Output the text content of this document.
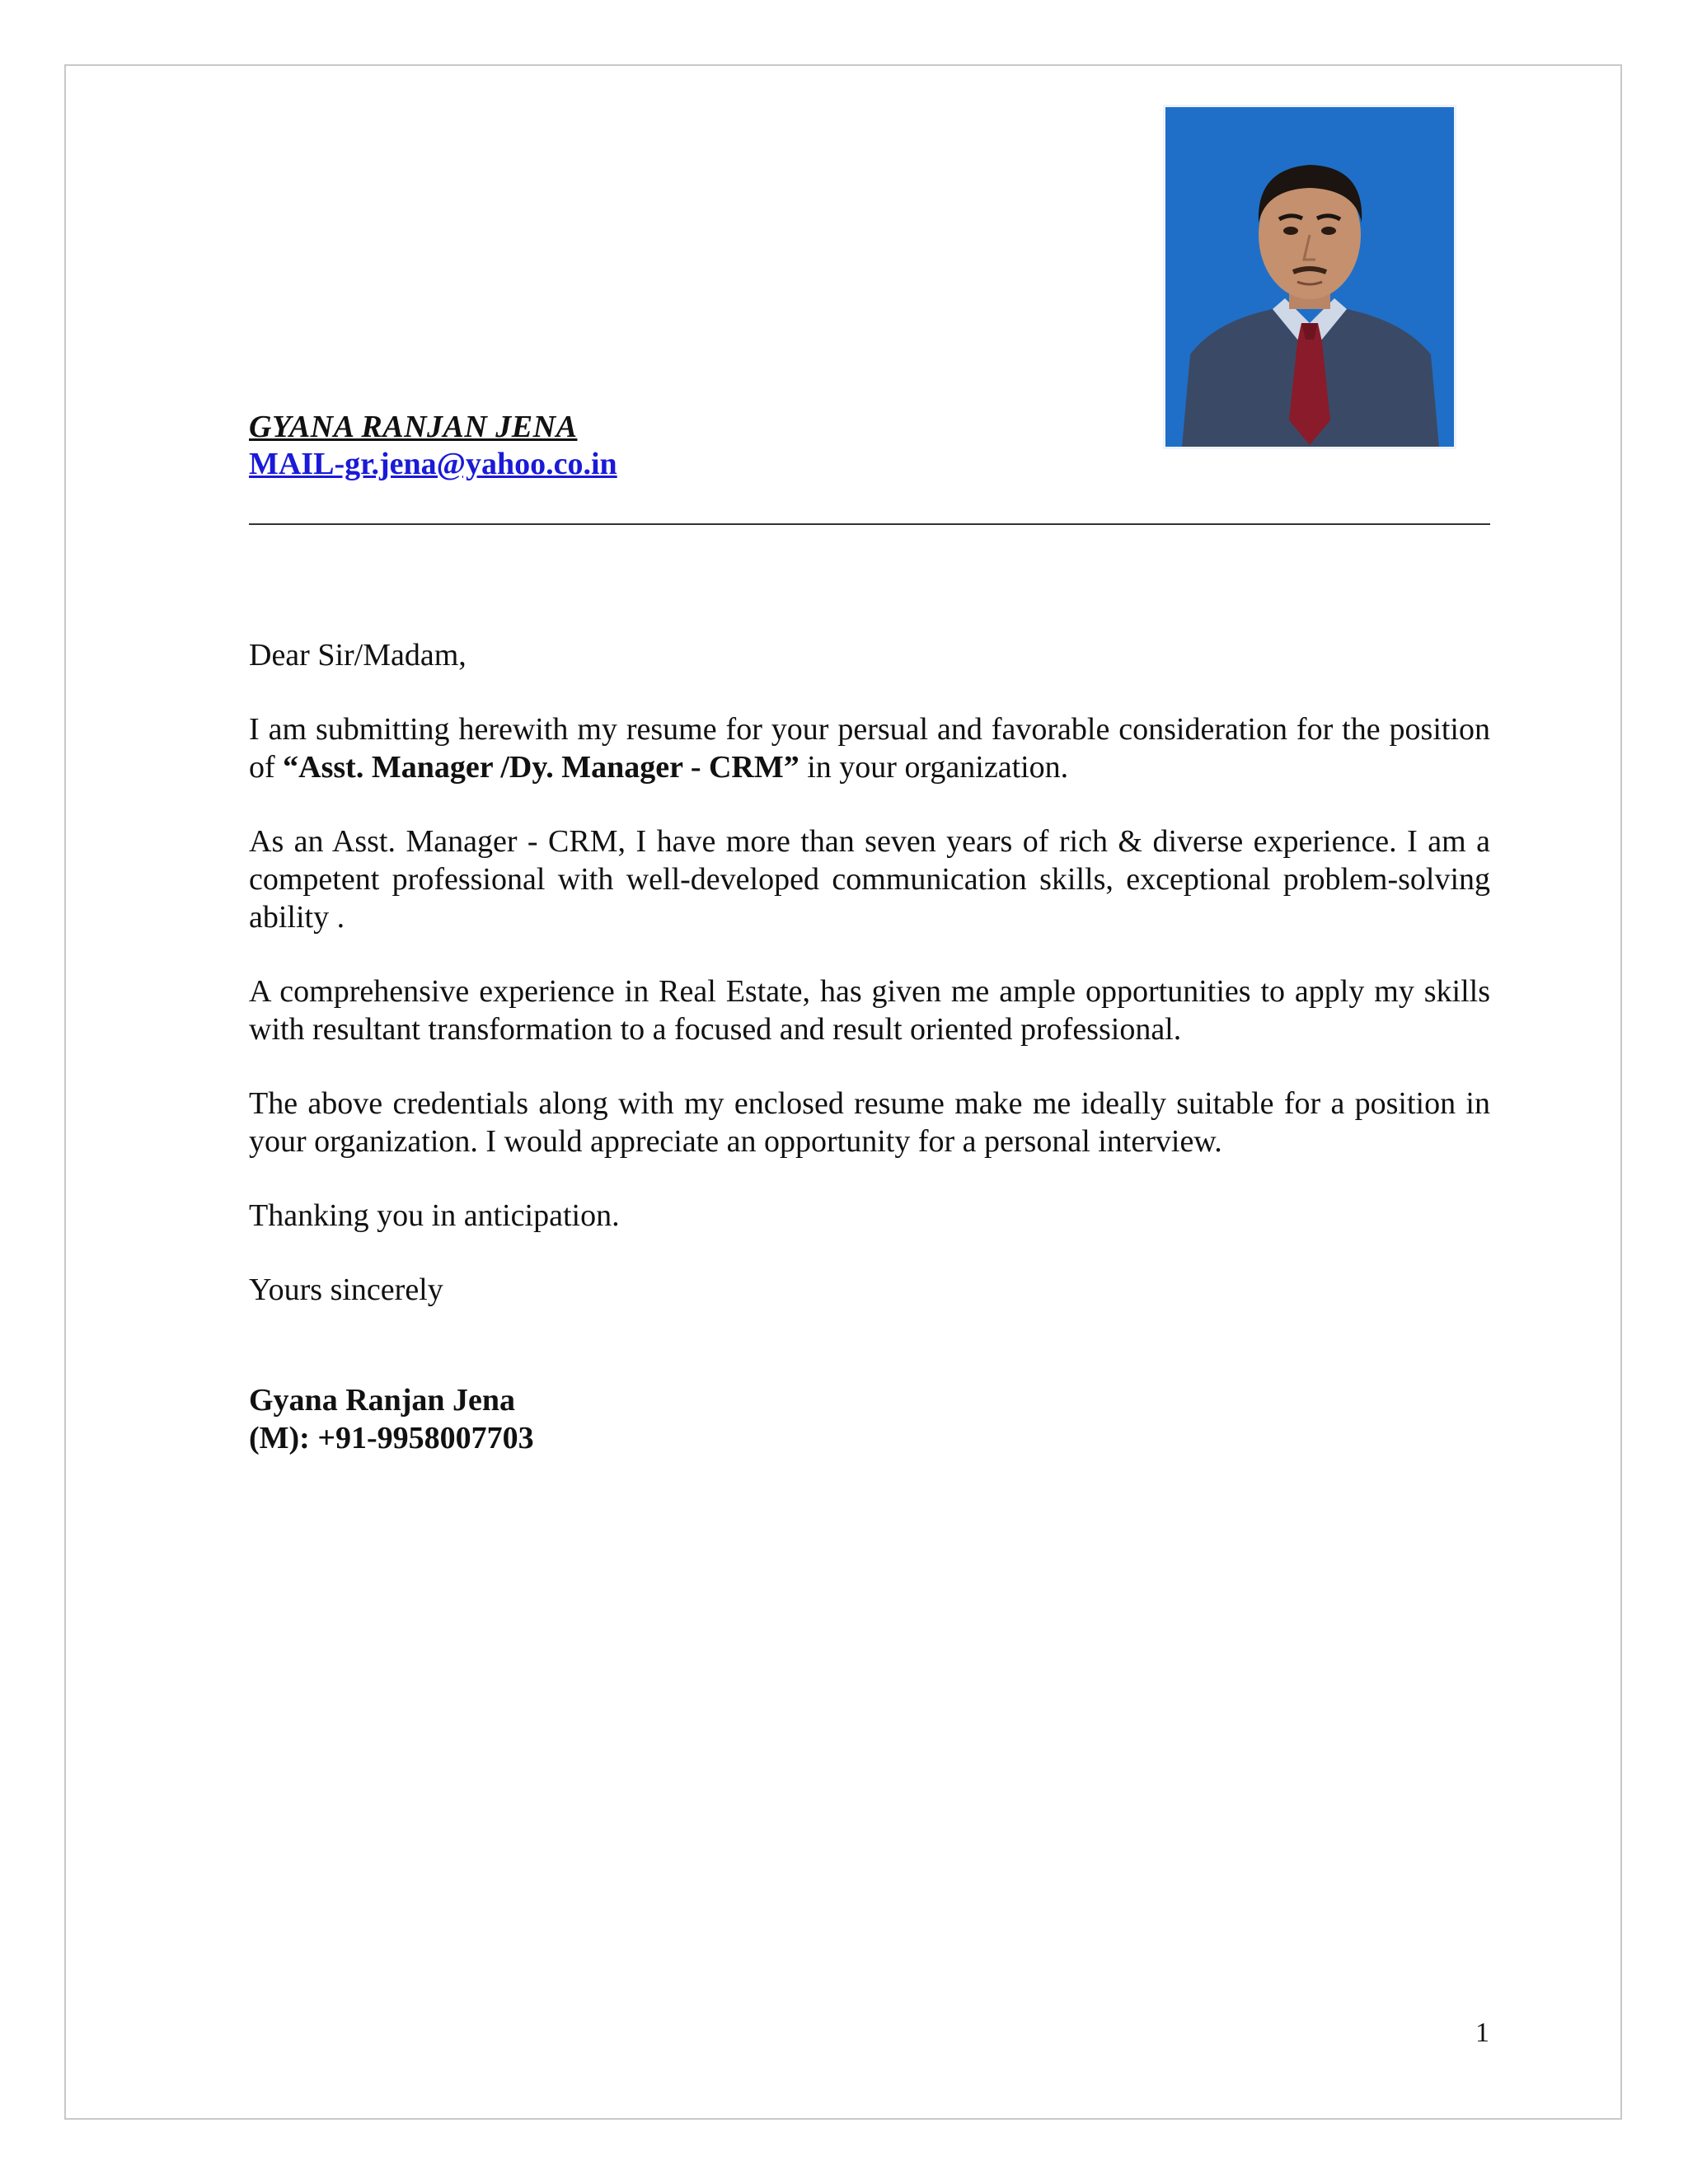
GYANA RANJAN JENA
MAIL-gr.jena@yahoo.co.in

Dear Sir/Madam,

I am submitting herewith my resume for your persual and favorable consideration for the position of “Asst. Manager /Dy. Manager - CRM” in your organization.

As an Asst. Manager - CRM, I have more than seven years of rich & diverse experience. I am a competent professional with well-developed communication skills, exceptional problem-solving ability .

A comprehensive experience in Real Estate, has given me ample opportunities to apply my skills with resultant transformation to a focused and result oriented professional.

The above credentials along with my enclosed resume make me ideally suitable for a position in your organization. I would appreciate an opportunity for a personal interview.

Thanking you in anticipation.

Yours sincerely

Gyana Ranjan Jena
(M): +91-9958007703
1
